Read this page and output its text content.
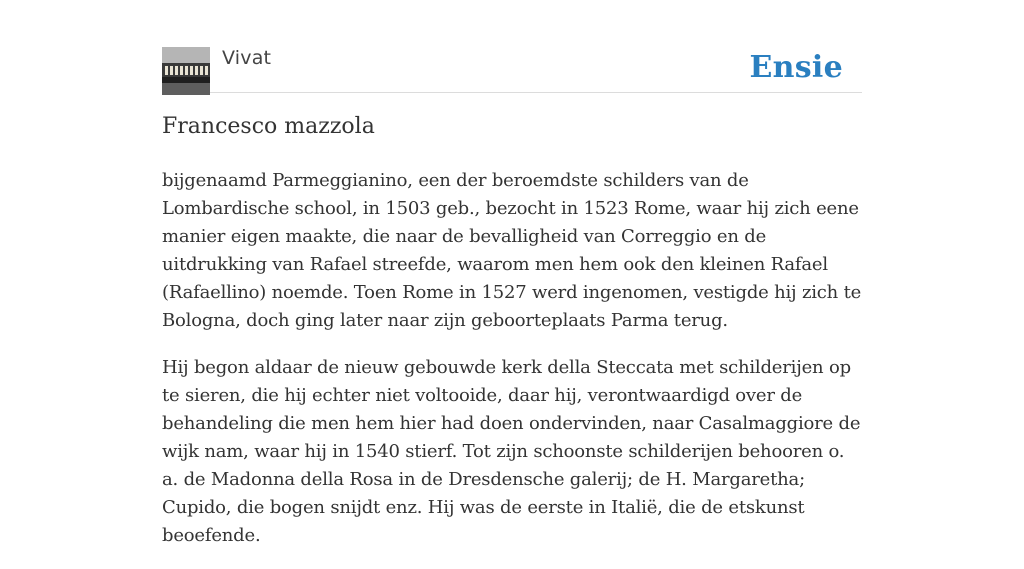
Vivat	Ensie
Francesco mazzola

bijgenaamd Parmeggianino, een der beroemdste schilders van de Lombardische school, in 1503 geb., bezocht in 1523 Rome, waar hij zich eene manier eigen maakte, die naar de bevalligheid van Correggio en de uitdrukking van Rafael streefde, waarom men hem ook den kleinen Rafael (Rafaellino) noemde. Toen Rome in 1527 werd ingenomen, vestigde hij zich te Bologna, doch ging later naar zijn geboorteplaats Parma terug.

Hij begon aldaar de nieuw gebouwde kerk della Steccata met schilderijen op te sieren, die hij echter niet voltooide, daar hij, verontwaardigd over de behandeling die men hem hier had doen ondervinden, naar Casalmaggiore de wijk nam, waar hij in 1540 stierf. Tot zijn schoonste schilderijen behooren o. a. de Madonna della Rosa in de Dresdensche galerij; de H. Margaretha; Cupido, die bogen snijdt enz. Hij was de eerste in Italië, die de etskunst beoefende.
